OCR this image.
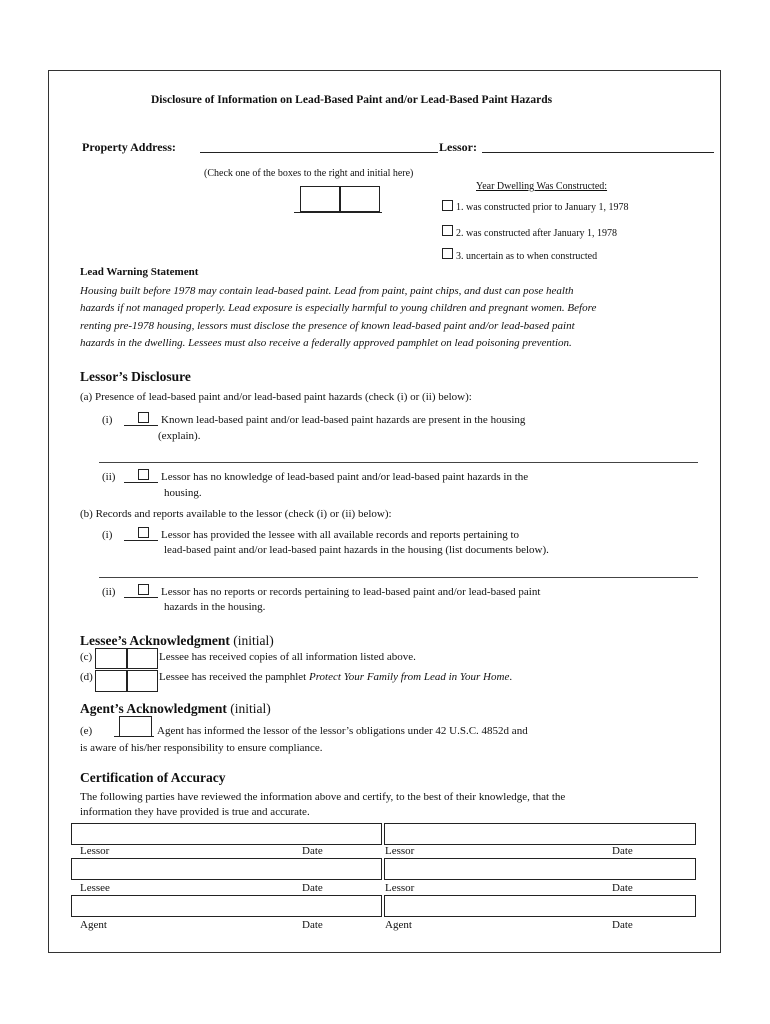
Disclosure of Information on Lead-Based Paint and/or Lead-Based Paint Hazards
Property Address:	Lessor:
(Check one of the boxes to the right and initial here)
Year Dwelling Was Constructed:
1. was constructed prior to January 1, 1978
2. was constructed after January 1, 1978
3. uncertain as to when constructed
Lead Warning Statement
Housing built before 1978 may contain lead-based paint. Lead from paint, paint chips, and dust can pose health
hazards if not managed properly. Lead exposure is especially harmful to young children and pregnant women. Before
renting pre-1978 housing, lessors must disclose the presence of known lead-based paint and/or lead-based paint
hazards in the dwelling. Lessees must also receive a federally approved pamphlet on lead poisoning prevention.
Lessor’s Disclosure
(a) Presence of lead-based paint and/or lead-based paint hazards (check (i) or (ii) below):
(i)	Known lead-based paint and/or lead-based paint hazards are present in the housing
(explain).
(ii)	Lessor has no knowledge of lead-based paint and/or lead-based paint hazards in the
housing.
(b) Records and reports available to the lessor (check (i) or (ii) below):
(i)	Lessor has provided the lessee with all available records and reports pertaining to
lead-based paint and/or lead-based paint hazards in the housing (list documents below).
(ii)	Lessor has no reports or records pertaining to lead-based paint and/or lead-based paint
hazards in the housing.
Lessee’s Acknowledgment (initial)
(c)	Lessee has received copies of all information listed above.
(d)	Lessee has received the pamphlet Protect Your Family from Lead in Your Home.
Agent’s Acknowledgment (initial)
(e)	Agent has informed the lessor of the lessor’s obligations under 42 U.S.C. 4852d and
is aware of his/her responsibility to ensure compliance.
Certification of Accuracy
The following parties have reviewed the information above and certify, to the best of their knowledge, that the
information they have provided is true and accurate.
Lessor	Date	Lessor	Date
Lessee	Date	Lessor	Date
Agent	Date	Agent	Date
